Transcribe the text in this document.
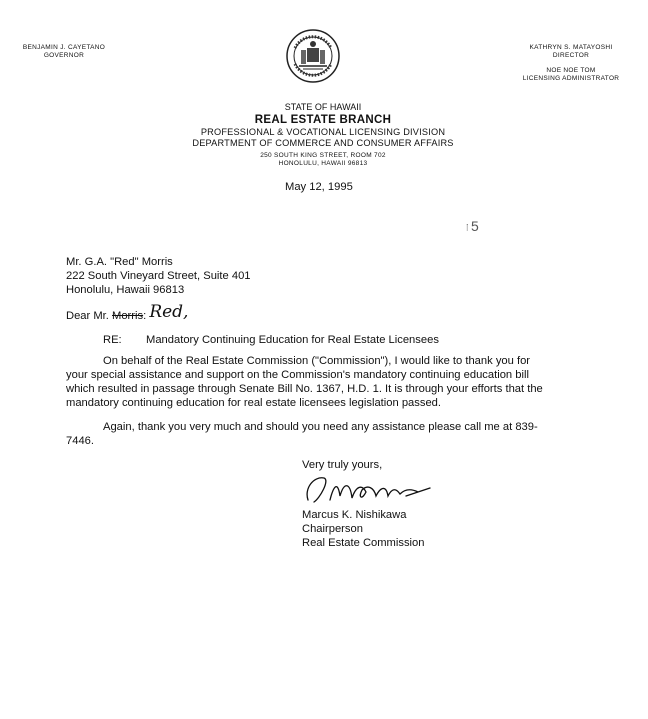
BENJAMIN J. CAYETANO
GOVERNOR
KATHRYN S. MATAYOSHI
DIRECTOR
NOE NOE TOM
LICENSING ADMINISTRATOR
STATE OF HAWAII
REAL ESTATE BRANCH
PROFESSIONAL & VOCATIONAL LICENSING DIVISION
DEPARTMENT OF COMMERCE AND CONSUMER AFFAIRS
250 SOUTH KING STREET, ROOM 702
HONOLULU, HAWAII 96813
May 12, 1995
⁞ 5
Mr. G.A. "Red" Morris
222 South Vineyard Street, Suite 401
Honolulu, Hawaii 96813
Dear Mr. Morris: Red,
RE: Mandatory Continuing Education for Real Estate Licensees
On behalf of the Real Estate Commission ("Commission"), I would like to thank you for your special assistance and support on the Commission's mandatory continuing education bill which resulted in passage through Senate Bill No. 1367, H.D. 1. It is through your efforts that the mandatory continuing education for real estate licensees legislation passed.
Again, thank you very much and should you need any assistance please call me at 839-7446.
Very truly yours,
Marcus K. Nishikawa
Chairperson
Real Estate Commission
